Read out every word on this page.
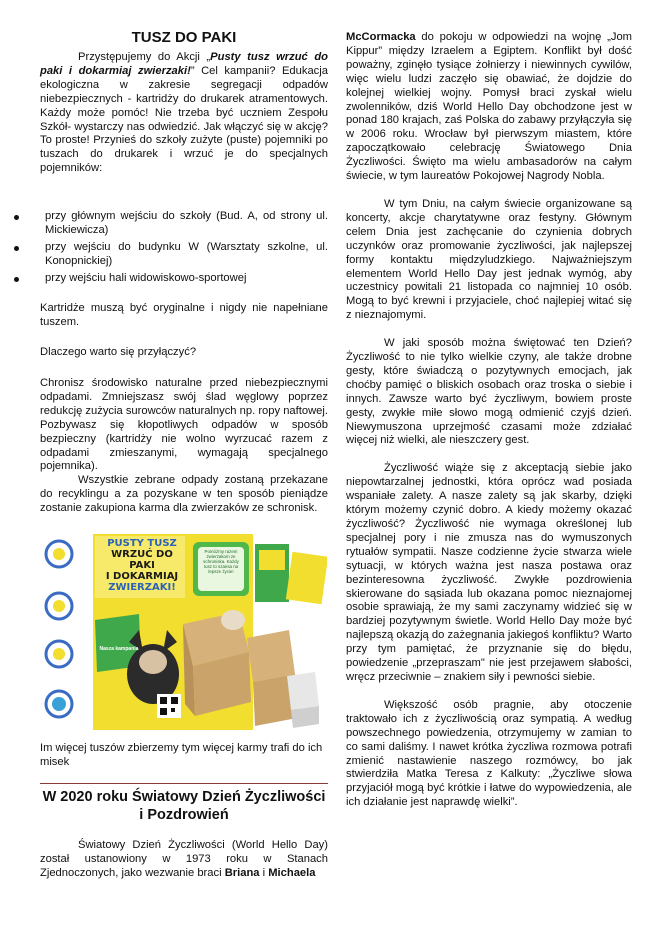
TUSZ DO PAKI

Przystępujemy do Akcji „Pusty tusz wrzuć do paki i dokarmiaj zwierzaki!” Cel kampanii? Edukacja ekologiczna w zakresie segregacji odpadów niebezpiecznych - kartridży do drukarek atramentowych. Każdy może pomóc! Nie trzeba być uczniem Zespołu Szkół- wystarczy nas odwiedzić. Jak włączyć się w akcję? To proste! Przynieś do szkoły zużyte (puste) pojemniki po tuszach do drukarek i wrzuć je do specjalnych pojemników:

przy głównym wejściu do szkoły (Bud. A, od strony ul. Mickiewicza)
przy wejściu do budynku W (Warsztaty szkolne, ul. Konopnickiej)
przy wejściu hali widowiskowo-sportowej

Kartridże muszą być oryginalne i nigdy nie napełniane tuszem.

Dlaczego warto się przyłączyć?

Chronisz środowisko naturalne przed niebezpiecznymi odpadami. Zmniejszasz swój ślad węglowy poprzez redukcję zużycia surowców naturalnych np. ropy naftowej. Pozbywasz się kłopotliwych odpadów w sposób bezpieczny (kartridży nie wolno wyrzucać razem z odpadami zmieszanymi, wymagają specjalnego pojemnika).

Wszystkie zebrane odpady zostaną przekazane do recyklingu a za pozyskane w ten sposób pieniądze zostanie zakupiona karma dla zwierzaków ze schronisk.

PUSTY TUSZ
WRZUĆ DO PAKI
I DOKARMIAJ
ZWIERZAKI!
Pomóżmy razem zwierzakom ze schroniska. Każdy tusz to szansa na lepsze życie!
Nasza kampania

Im więcej tuszów zbierzemy tym więcej karmy trafi do ich misek

W 2020 roku Światowy Dzień Życzliwości i Pozdrowień

Światowy Dzień Życzliwości (World Hello Day) został ustanowiony w 1973 roku w Stanach Zjednoczonych, jako wezwanie braci Briana i Michaela

McCormacka do pokoju w odpowiedzi na wojnę „Jom Kippur” między Izraelem a Egiptem. Konflikt był dość poważny, zginęło tysiące żołnierzy i niewinnych cywilów, więc wielu ludzi zaczęło się obawiać, że dojdzie do kolejnej wielkiej wojny. Pomysł braci zyskał wielu zwolenników, dziś World Hello Day obchodzone jest w ponad 180 krajach, zaś Polska do zabawy przyłączyła się w 2006 roku. Wrocław był pierwszym miastem, które zapoczątkowało celebrację Światowego Dnia Życzliwości. Święto ma wielu ambasadorów na całym świecie, w tym laureatów Pokojowej Nagrody Nobla.

W tym Dniu, na całym świecie organizowane są koncerty, akcje charytatywne oraz festyny. Głównym celem Dnia jest zachęcanie do czynienia dobrych uczynków oraz promowanie życzliwości, jak najlepszej formy kontaktu międzyludzkiego. Najważniejszym elementem World Hello Day jest jednak wymóg, aby uczestnicy powitali 21 listopada co najmniej 10 osób. Mogą to być krewni i przyjaciele, choć najlepiej witać się z nieznajomymi.

W jaki sposób można świętować ten Dzień? Życzliwość to nie tylko wielkie czyny, ale także drobne gesty, które świadczą o pozytywnych emocjach, jak choćby pamięć o bliskich osobach oraz troska o siebie i innych. Zawsze warto być życzliwym, bowiem proste gesty, zwykłe miłe słowo mogą odmienić czyjś dzień. Niewymuszona uprzejmość czasami może zdziałać więcej niż wielki, ale nieszczery gest.

Życzliwość wiąże się z akceptacją siebie jako niepowtarzalnej jednostki, która oprócz wad posiada wspaniałe zalety. A nasze zalety są jak skarby, dzięki którym możemy czynić dobro. A kiedy możemy okazać życzliwość? Życzliwość nie wymaga określonej lub specjalnej pory i nie zmusza nas do wymuszonych rytuałów sympatii. Nasze codzienne życie stwarza wiele sytuacji, w których ważna jest nasza postawa oraz bezinteresowna życzliwość. Zwykłe pozdrowienia skierowane do sąsiada lub okazana pomoc nieznajomej osobie sprawiają, że my sami zaczynamy widzieć się w bardziej pozytywnym świetle. World Hello Day może być najlepszą okazją do zażegnania jakiegoś konfliktu? Warto przy tym pamiętać, że przyznanie się do błędu, powiedzenie „przepraszam" nie jest przejawem słabości, wręcz przeciwnie – znakiem siły i pewności siebie.

Większość osób pragnie, aby otoczenie traktowało ich z życzliwością oraz sympatią. A według powszechnego powiedzenia, otrzymujemy w zamian to co sami daliśmy. I nawet krótka życzliwa rozmowa potrafi zmienić nastawienie naszego rozmówcy, bo jak stwierdziła Matka Teresa z Kalkuty: „Życzliwe słowa przyjaciół mogą być krótkie i łatwe do wypowiedzenia, ale ich działanie jest naprawdę wielki”.
